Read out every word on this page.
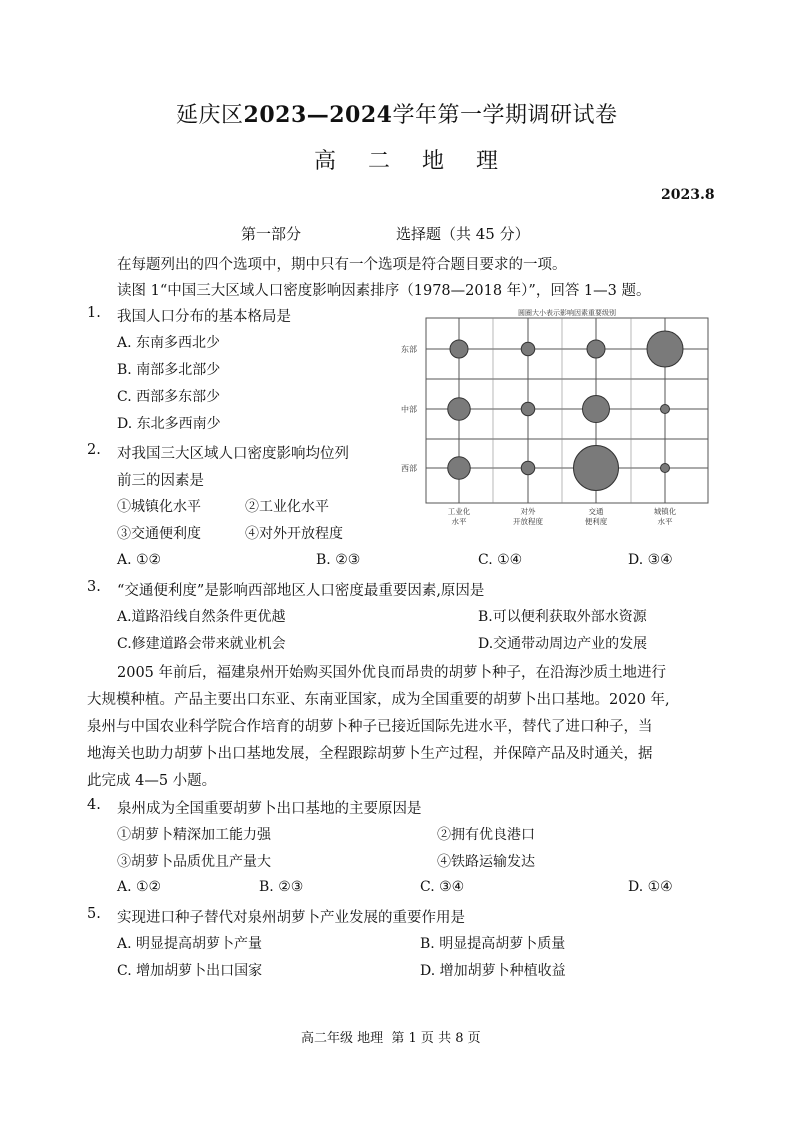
延庆区2023—2024学年第一学期调研试卷
高  二  地  理
2023.8
第一部分	选择题（共 45 分）
在每题列出的四个选项中，期中只有一个选项是符合题目要求的一项。
读图 1“中国三大区域人口密度影响因素排序（1978—2018 年）”，回答 1—3 题。
1. 我国人口分布的基本格局是
A. 东南多西北少
B. 南部多北部少
C. 西部多东部少
D. 东北多西南少
2. 对我国三大区域人口密度影响均位列
前三的因素是
①城镇化水平	②工业化水平
③交通便利度	④对外开放程度
A. ①②	B. ②③	C. ①④	D. ③④
圆圈大小表示影响因素重要级别
东部
中部
西部
工业化
水平
对外
开放程度
交通
便利度
城镇化
水平
3. “交通便利度”是影响西部地区人口密度最重要因素,原因是
A.道路沿线自然条件更优越	B.可以便利获取外部水资源
C.修建道路会带来就业机会	D.交通带动周边产业的发展
2005 年前后，福建泉州开始购买国外优良而昂贵的胡萝卜种子，在沿海沙质土地进行
大规模种植。产品主要出口东亚、东南亚国家，成为全国重要的胡萝卜出口基地。2020 年,
泉州与中国农业科学院合作培育的胡萝卜种子已接近国际先进水平，替代了进口种子，当
地海关也助力胡萝卜出口基地发展，全程跟踪胡萝卜生产过程，并保障产品及时通关，据
此完成 4—5 小题。
4. 泉州成为全国重要胡萝卜出口基地的主要原因是
①胡萝卜精深加工能力强	②拥有优良港口
③胡萝卜品质优且产量大	④铁路运输发达
A. ①②	B. ②③	C. ③④	D. ①④
5. 实现进口种子替代对泉州胡萝卜产业发展的重要作用是
A. 明显提高胡萝卜产量	B. 明显提高胡萝卜质量
C. 增加胡萝卜出口国家	D. 增加胡萝卜种植收益
高二年级 地理  第 1 页 共 8 页
